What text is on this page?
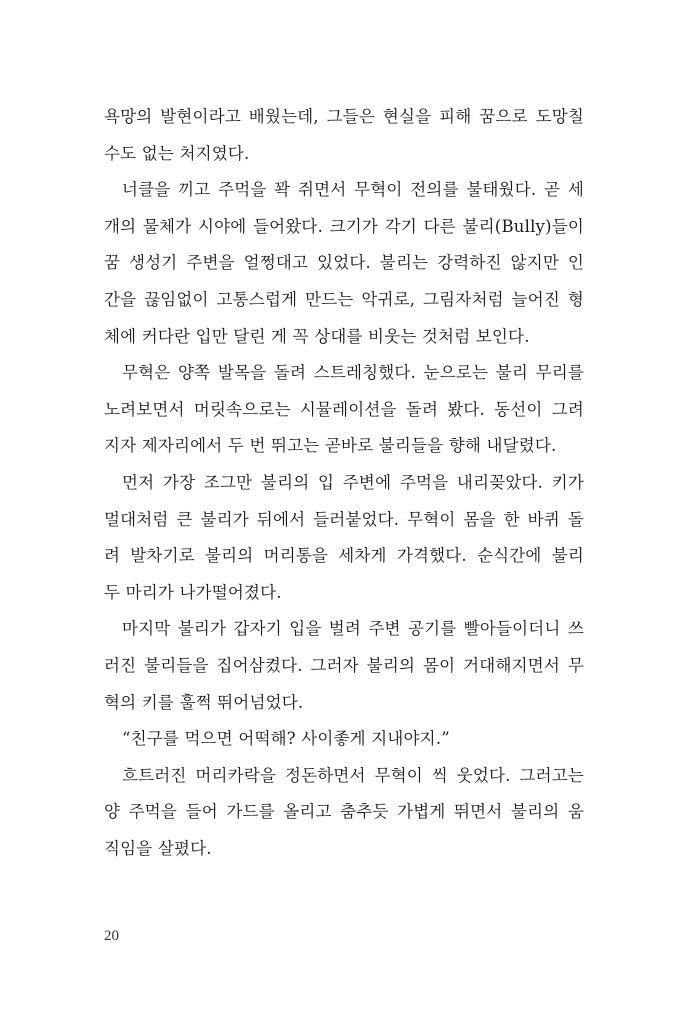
욕망의 발현이라고 배웠는데, 그들은 현실을 피해 꿈으로 도망칠
수도 없는 처지였다.
너클을 끼고 주먹을 꽉 쥐면서 무혁이 전의를 불태웠다. 곧 세
개의 물체가 시야에 들어왔다. 크기가 각기 다른 불리(Bully)들이
꿈 생성기 주변을 얼쩡대고 있었다. 불리는 강력하진 않지만 인
간을 끊임없이 고통스럽게 만드는 악귀로, 그림자처럼 늘어진 형
체에 커다란 입만 달린 게 꼭 상대를 비웃는 것처럼 보인다.
무혁은 양쪽 발목을 돌려 스트레칭했다. 눈으로는 불리 무리를
노려보면서 머릿속으로는 시뮬레이션을 돌려 봤다. 동선이 그려
지자 제자리에서 두 번 뛰고는 곧바로 불리들을 향해 내달렸다.
먼저 가장 조그만 불리의 입 주변에 주먹을 내리꽂았다. 키가
멀대처럼 큰 불리가 뒤에서 들러붙었다. 무혁이 몸을 한 바퀴 돌
려 발차기로 불리의 머리통을 세차게 가격했다. 순식간에 불리
두 마리가 나가떨어졌다.
마지막 불리가 갑자기 입을 벌려 주변 공기를 빨아들이더니 쓰
러진 불리들을 집어삼켰다. 그러자 불리의 몸이 거대해지면서 무
혁의 키를 훌쩍 뛰어넘었다.
“친구를 먹으면 어떡해? 사이좋게 지내야지.”
흐트러진 머리카락을 정돈하면서 무혁이 씩 웃었다. 그러고는
양 주먹을 들어 가드를 올리고 춤추듯 가볍게 뛰면서 불리의 움
직임을 살폈다.
20
